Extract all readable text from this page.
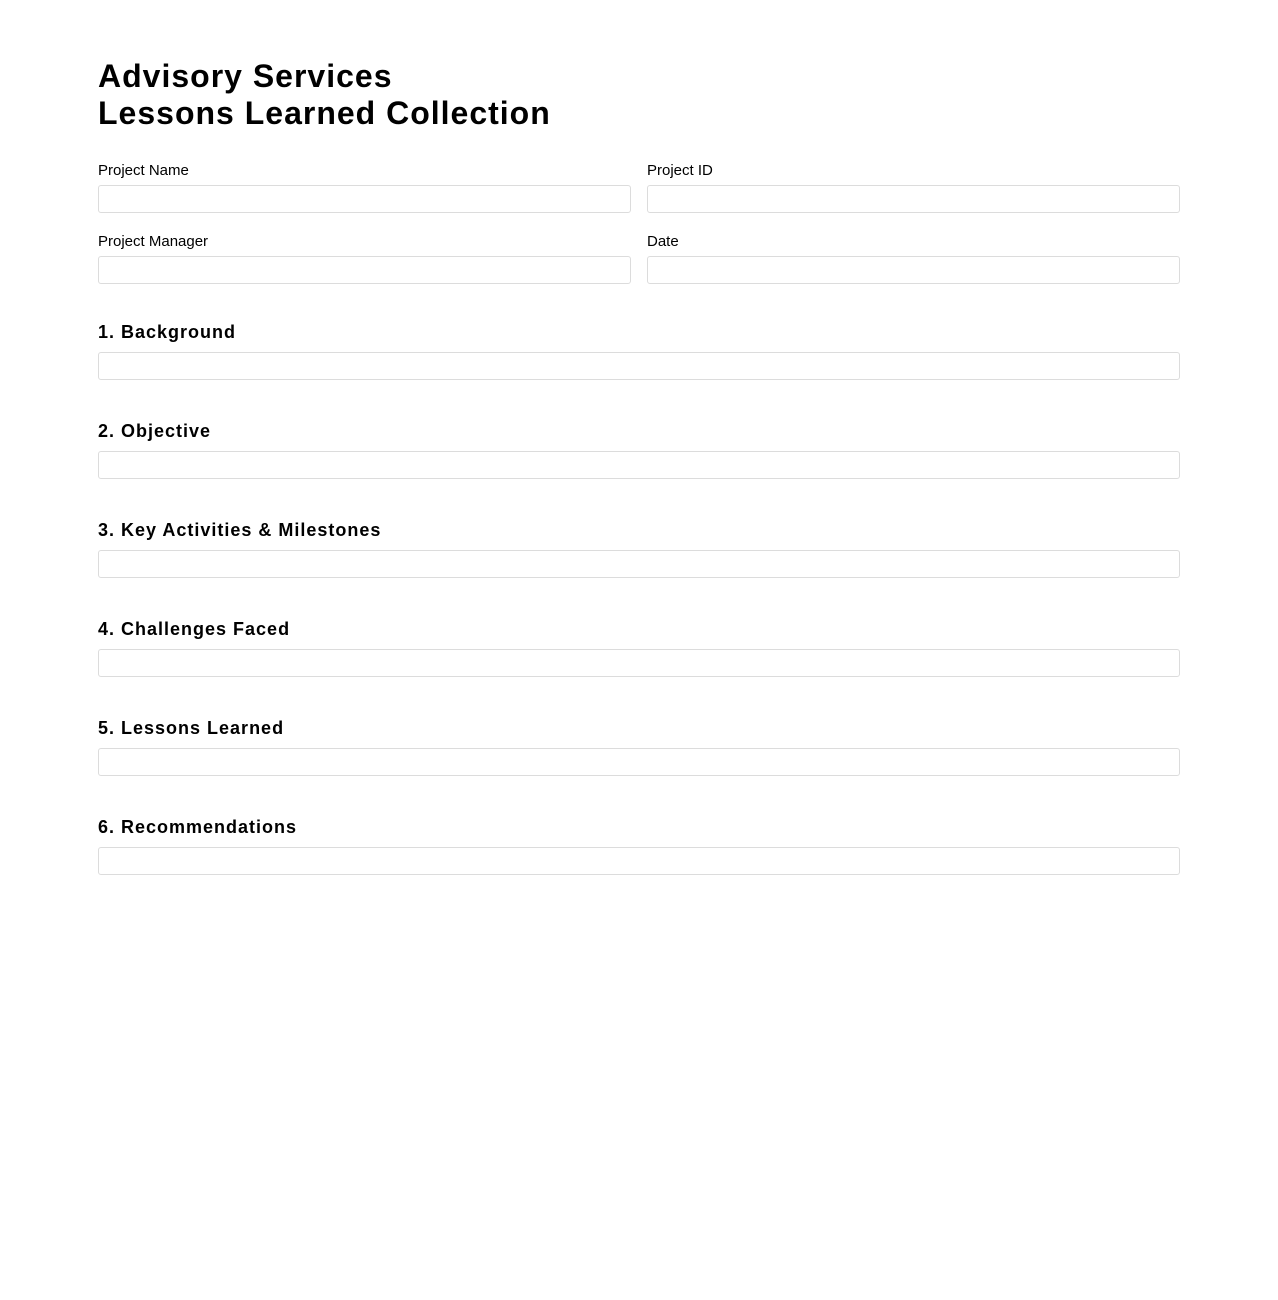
Advisory Services
Lessons Learned Collection
Project Name	Project ID
Project Manager	Date
1. Background
2. Objective
3. Key Activities & Milestones
4. Challenges Faced
5. Lessons Learned
6. Recommendations
